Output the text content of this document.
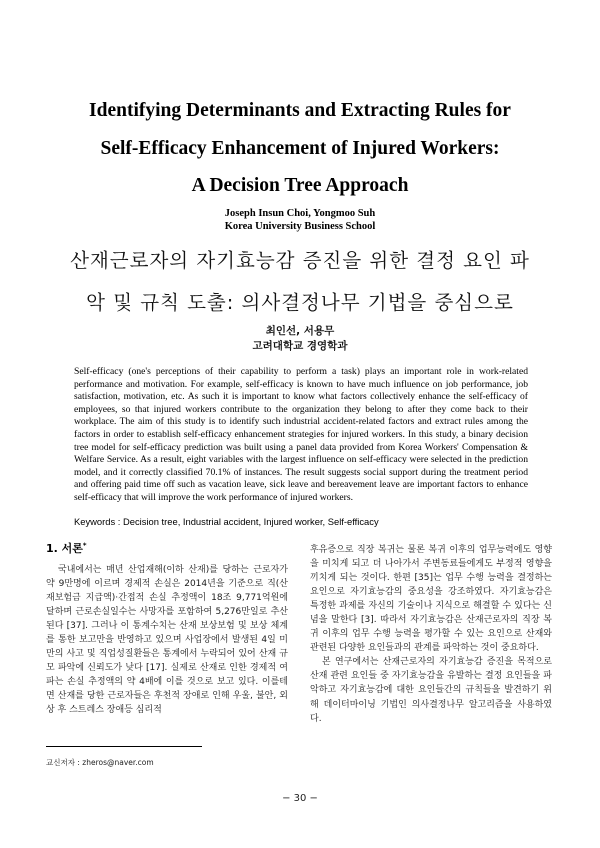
Identifying Determinants and Extracting Rules for
Self-Efficacy Enhancement of Injured Workers:
A Decision Tree Approach
Joseph Insun Choi, Yongmoo Suh
Korea University Business School
산재근로자의 자기효능감 증진을 위한 결정 요인 파
악 및 규칙 도출: 의사결정나무 기법을 중심으로
최인선, 서용무
고려대학교 경영학과
Self-efficacy (one's perceptions of their capability to perform a task) plays an important role in work-related performance and motivation. For example, self-efficacy is known to have much influence on job performance, job satisfaction, motivation, etc. As such it is important to know what factors collectively enhance the self-efficacy of employees, so that injured workers contribute to the organization they belong to after they come back to their workplace. The aim of this study is to identify such industrial accident-related factors and extract rules among the factors in order to establish self-efficacy enhancement strategies for injured workers. In this study, a binary decision tree model for self-efficacy prediction was built using a panel data provided from Korea Workers' Compensation & Welfare Service. As a result, eight variables with the largest influence on self-efficacy were selected in the prediction model, and it correctly classified 70.1% of instances. The result suggests social support during the treatment period and offering paid time off such as vacation leave, sick leave and bereavement leave are important factors to enhance self-efficacy that will improve the work performance of injured workers.
Keywords : Decision tree, Industrial accident, Injured worker, Self-efficacy
1. 서론*
국내에서는 매년 산업재해(이하 산재)를 당하는 근로자가 약 9만명에 이르며 경제적 손실은 2014년을 기준으로 직(산재보험금 지급액)·간접적 손실 추정액이 18조 9,771억원에 달하며 근로손실일수는 사망자를 포함하여 5,276만일로 추산된다 [37]. 그러나 이 통계수치는 산재 보상보험 및 보상 체계를 통한 보고만을 반영하고 있으며 사업장에서 발생된 4일 미만의 사고 및 직업성질환들은 통계에서 누락되어 있어 산재 규모 파악에 신뢰도가 낮다 [17]. 실제로 산재로 인한 경제적 여파는 손실 추정액의 약 4배에 이를 것으로 보고 있다. 이를테면 산재를 당한 근로자들은 후천적 장애로 인해 우울, 불안, 외상 후 스트레스 장애등 심리적
후유증으로 직장 복귀는 물론 복귀 이후의 업무능력에도 영향을 미치게 되고 더 나아가서 주변동료들에게도 부정적 영향을 끼치게 되는 것이다. 한편 [35]는 업무 수행 능력을 결정하는 요인으로 자기효능감의 중요성을 강조하였다. 자기효능감은 특정한 과제를 자신의 기술이나 지식으로 해결할 수 있다는 신념을 말한다 [3]. 따라서 자기효능감은 산재근로자의 직장 복귀 이후의 업무 수행 능력을 평가할 수 있는 요인으로 산재와 관련된 다양한 요인들과의 관계를 파악하는 것이 중요하다.
본 연구에서는 산재근로자의 자기효능감 증진을 목적으로 산재 관련 요인들 중 자기효능감을 유발하는 결정 요인들을 파악하고 자기효능감에 대한 요인들간의 규칙들을 발견하기 위해 데이터마이닝 기법인 의사결정나무 알고리즘을 사용하였다.
교신저자 : zheros@naver.com
− 30 −
